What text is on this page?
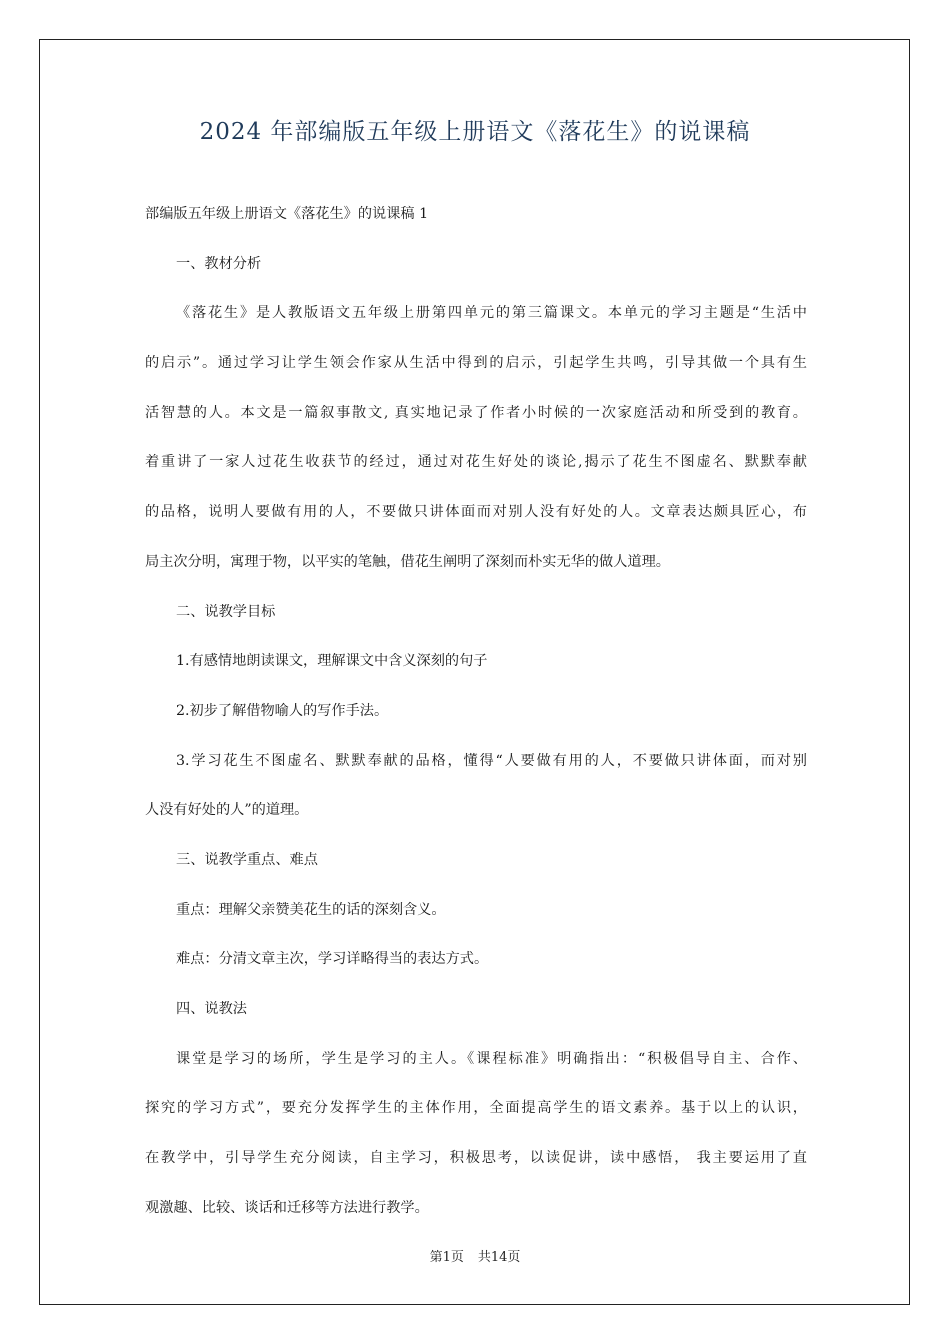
2024 年部编版五年级上册语文《落花生》的说课稿
部编版五年级上册语文《落花生》的说课稿 1
一、教材分析
《落花生》是人教版语文五年级上册第四单元的第三篇课文。本单元的学习主题是“生活中
的启示”。通过学习让学生领会作家从生活中得到的启示，引起学生共鸣，引导其做一个具有生
活智慧的人。本文是一篇叙事散文, 真实地记录了作者小时候的一次家庭活动和所受到的教育。
着重讲了一家人过花生收获节的经过，通过对花生好处的谈论,揭示了花生不图虚名、默默奉献
的品格，说明人要做有用的人，不要做只讲体面而对别人没有好处的人。文章表达颇具匠心，布
局主次分明，寓理于物，以平实的笔触，借花生阐明了深刻而朴实无华的做人道理。
二、说教学目标
1.有感情地朗读课文，理解课文中含义深刻的句子
2.初步了解借物喻人的写作手法。
3.学习花生不图虚名、默默奉献的品格，懂得“人要做有用的人，不要做只讲体面，而对别
人没有好处的人”的道理。
三、说教学重点、难点
重点：理解父亲赞美花生的话的深刻含义。
难点：分清文章主次，学习详略得当的表达方式。
四、说教法
课堂是学习的场所，学生是学习的主人。《课程标准》明确指出：“积极倡导自主、合作、
探究的学习方式”，要充分发挥学生的主体作用，全面提高学生的语文素养。基于以上的认识，
在教学中，引导学生充分阅读，自主学习，积极思考，以读促讲，读中感悟， 我主要运用了直
观激趣、比较、谈话和迁移等方法进行教学。
第1页 共14页
